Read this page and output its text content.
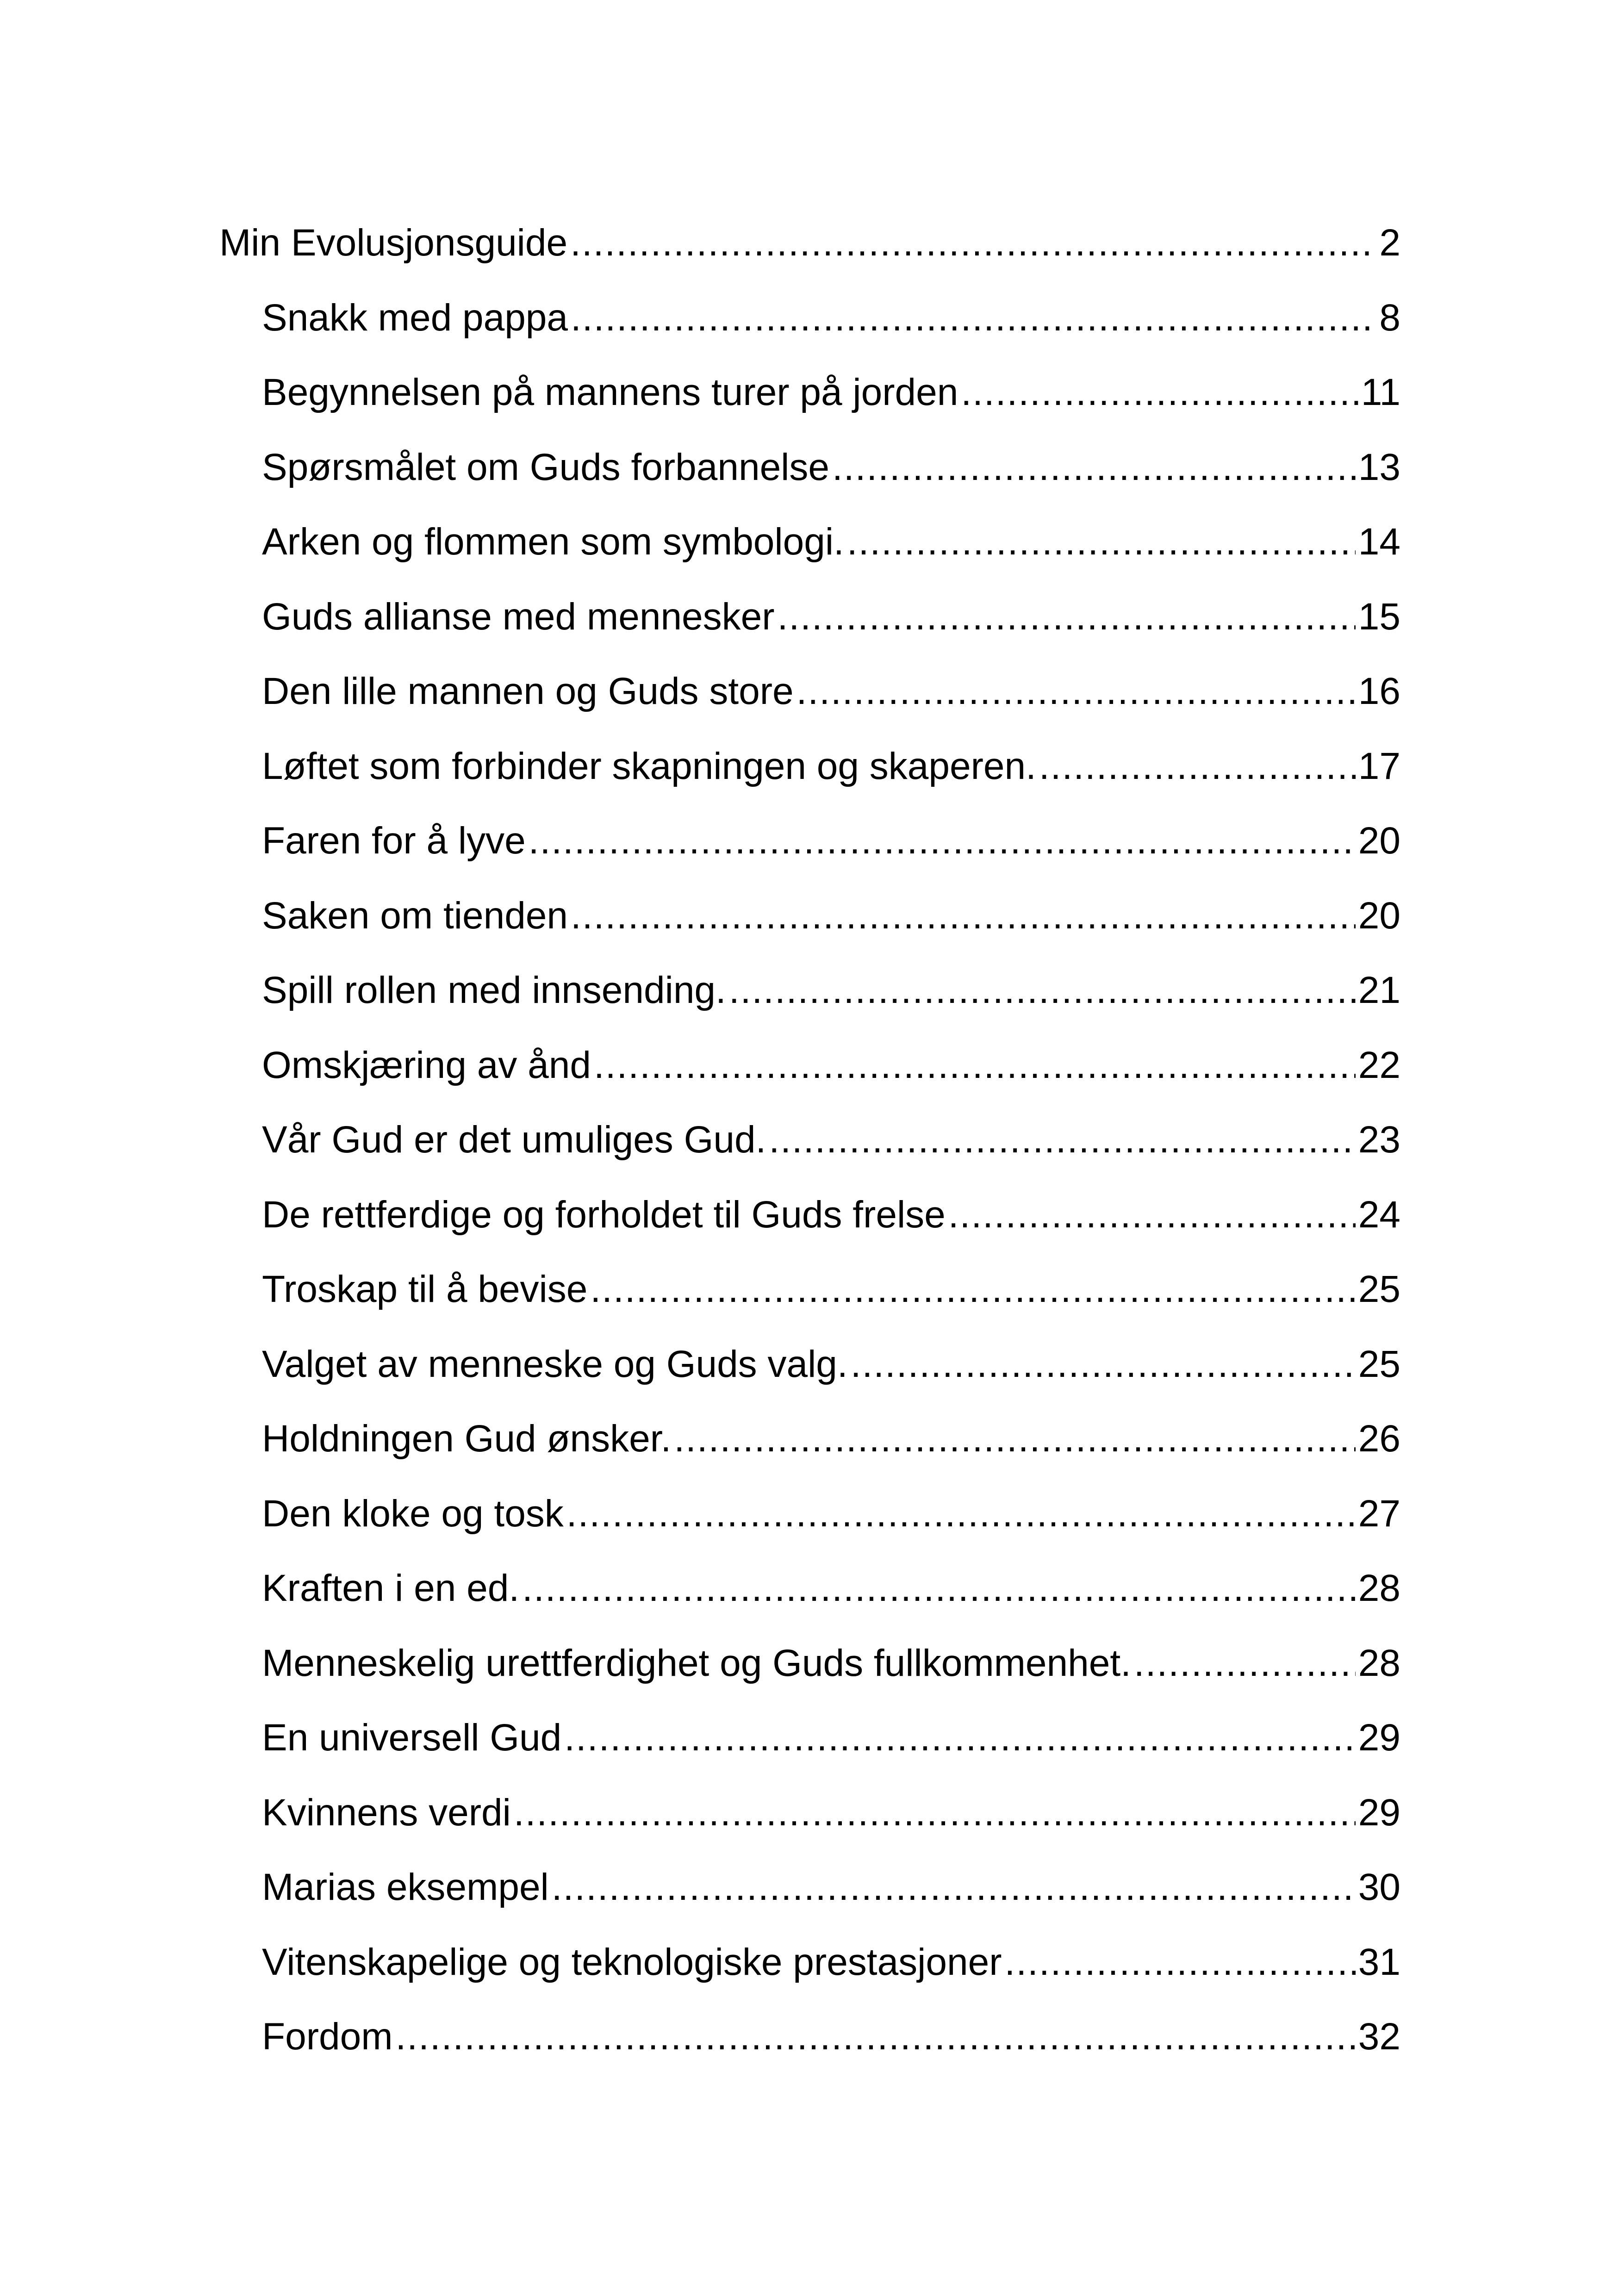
Min Evolusjonsguide .....	2
Snakk med pappa .....	8
Begynnelsen på mannens turer på jorden .....	11
Spørsmålet om Guds forbannelse .....	13
Arken og flommen som symbologi. .....	14
Guds allianse med mennesker .....	15
Den lille mannen og Guds store .....	16
Løftet som forbinder skapningen og skaperen. .....	17
Faren for å lyve .....	20
Saken om tienden .....	20
Spill rollen med innsending. .....	21
Omskjæring av ånd .....	22
Vår Gud er det umuliges Gud. .....	23
De rettferdige og forholdet til Guds frelse .....	24
Troskap til å bevise .....	25
Valget av menneske og Guds valg. .....	25
Holdningen Gud ønsker. .....	26
Den kloke og tosk .....	27
Kraften i en ed. .....	28
Menneskelig urettferdighet og Guds fullkommenhet. .....	28
En universell Gud .....	29
Kvinnens verdi .....	29
Marias eksempel .....	30
Vitenskapelige og teknologiske prestasjoner .....	31
Fordom .....	32
